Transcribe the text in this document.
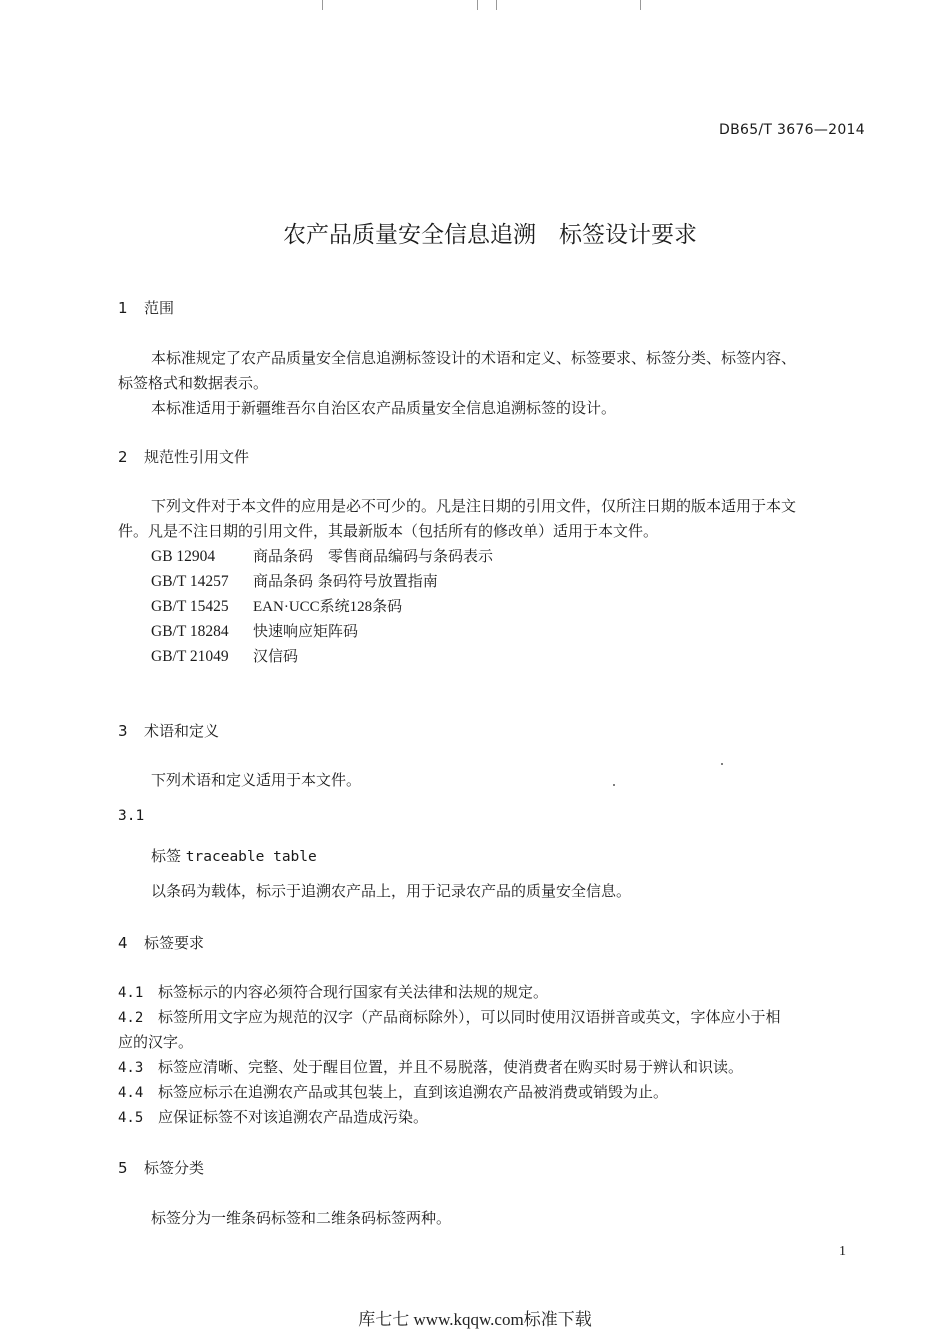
DB65/T 3676—2014
农产品质量安全信息追溯　标签设计要求
1 范围
本标准规定了农产品质量安全信息追溯标签设计的术语和定义、标签要求、标签分类、标签内容、
标签格式和数据表示。
本标准适用于新疆维吾尔自治区农产品质量安全信息追溯标签的设计。
2 规范性引用文件
下列文件对于本文件的应用是必不可少的。凡是注日期的引用文件，仅所注日期的版本适用于本文
件。凡是不注日期的引用文件，其最新版本（包括所有的修改单）适用于本文件。
GB 12904	商品条码　零售商品编码与条码表示
GB/T 14257 商品条码 条码符号放置指南
GB/T 15425 EAN·UCC系统128条码
GB/T 18284 快速响应矩阵码
GB/T 21049 汉信码
3 术语和定义
下列术语和定义适用于本文件。
3.1
标签 traceable table
以条码为载体，标示于追溯农产品上，用于记录农产品的质量安全信息。
4 标签要求
4.1 标签标示的内容必须符合现行国家有关法律和法规的规定。
4.2 标签所用文字应为规范的汉字（产品商标除外），可以同时使用汉语拼音或英文，字体应小于相
应的汉字。
4.3 标签应清晰、完整、处于醒目位置，并且不易脱落，使消费者在购买时易于辨认和识读。
4.4 标签应标示在追溯农产品或其包装上，直到该追溯农产品被消费或销毁为止。
4.5 应保证标签不对该追溯农产品造成污染。
5 标签分类
标签分为一维条码标签和二维条码标签两种。
1
库七七 www.kqqw.com标准下载
